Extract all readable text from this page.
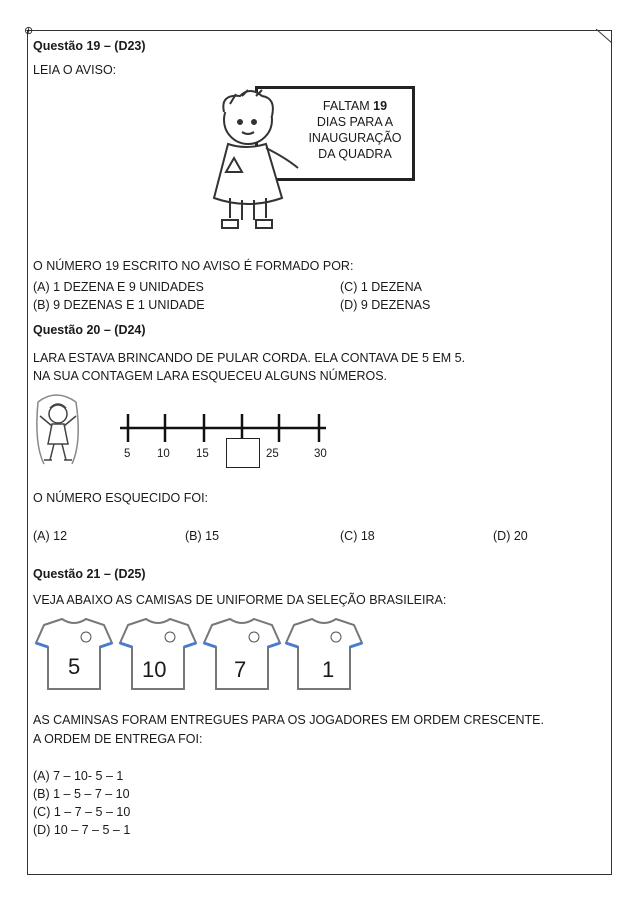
⊕
Questão 19 – (D23)
LEIA O AVISO:
FALTAM 19
DIAS PARA A
INAUGURAÇÃO
DA QUADRA
O NÚMERO 19 ESCRITO NO AVISO É FORMADO POR:
(A) 1 DEZENA E 9 UNIDADES	(C) 1 DEZENA
(B) 9 DEZENAS E 1 UNIDADE	(D) 9 DEZENAS
Questão 20 – (D24)
LARA ESTAVA BRINCANDO DE PULAR CORDA. ELA CONTAVA DE 5 EM 5.
NA SUA CONTAGEM LARA ESQUECEU ALGUNS NÚMEROS.
5 10 15	25	30
O NÚMERO ESQUECIDO FOI:
(A) 12	(B) 15	(C) 18	(D) 20
Questão 21 – (D25)
VEJA ABAIXO AS CAMISAS DE UNIFORME DA SELEÇÃO BRASILEIRA:
5	10	7	1
AS CAMINSAS FORAM ENTREGUES PARA OS JOGADORES EM ORDEM CRESCENTE.
A ORDEM DE ENTREGA FOI:
(A) 7 – 10- 5 – 1
(B) 1 – 5 – 7 – 10
(C) 1 – 7 – 5 – 10
(D) 10 – 7 – 5 – 1
